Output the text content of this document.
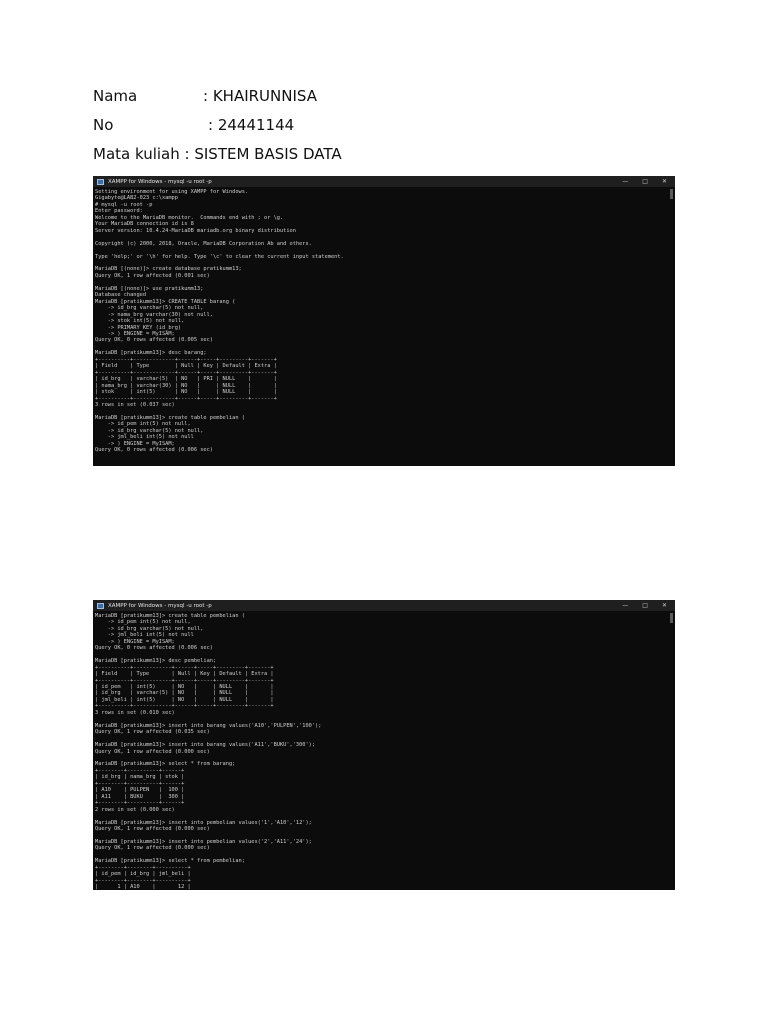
Nama	: KHAIRUNNISA
No	: 24441144
Mata kuliah : SISTEM BASIS DATA
XAMPP for Windows - mysql -u root -p	— □ ✕
Setting environment for using XAMPP for Windows.
Gigabyte@LAB2-023 c:\xampp
# mysql -u root -p
Enter password:
Welcome to the MariaDB monitor.  Commands end with ; or \g.
Your MariaDB connection id is 8
Server version: 10.4.24-MariaDB mariadb.org binary distribution

Copyright (c) 2000, 2018, Oracle, MariaDB Corporation Ab and others.

Type 'help;' or '\h' for help. Type '\c' to clear the current input statement.

MariaDB [(none)]> create database pratikumm13;
Query OK, 1 row affected (0.001 sec)

MariaDB [(none)]> use pratikumm13;
Database changed
MariaDB [pratikumm13]> CREATE TABLE barang (
-> id_brg varchar(5) not null,
-> nama_brg varchar(30) not null,
-> stok int(5) not null,
-> PRIMARY KEY (id_brg)
-> ) ENGINE = MyISAM;
Query OK, 0 rows affected (0.005 sec)

MariaDB [pratikumm13]> desc barang;
+----------+-------------+------+-----+---------+-------+
| Field    | Type        | Null | Key | Default | Extra |
+----------+-------------+------+-----+---------+-------+
| id_brg   | varchar(5)  | NO   | PRI | NULL    |       |
| nama_brg | varchar(30) | NO   |     | NULL    |       |
| stok     | int(5)      | NO   |     | NULL    |       |
+----------+-------------+------+-----+---------+-------+
3 rows in set (0.037 sec)

MariaDB [pratikumm13]> create table pembelian (
-> id_pem int(5) not null,
-> id_brg varchar(5) not null,
-> jml_beli int(5) not null
-> ) ENGINE = MyISAM;
Query OK, 0 rows affected (0.006 sec)
XAMPP for Windows - mysql -u root -p	— □ ✕
MariaDB [pratikumm13]> create table pembelian (
-> id_pem int(5) not null,
-> id_brg varchar(5) not null,
-> jml_beli int(5) not null
-> ) ENGINE = MyISAM;
Query OK, 0 rows affected (0.006 sec)

MariaDB [pratikumm13]> desc pembelian;
+----------+------------+------+-----+---------+-------+
| Field    | Type       | Null | Key | Default | Extra |
+----------+------------+------+-----+---------+-------+
| id_pem   | int(5)     | NO   |     | NULL    |       |
| id_brg   | varchar(5) | NO   |     | NULL    |       |
| jml_beli | int(5)     | NO   |     | NULL    |       |
+----------+------------+------+-----+---------+-------+
3 rows in set (0.010 sec)

MariaDB [pratikumm13]> insert into barang values('A10','PULPEN','100');
Query OK, 1 row affected (0.035 sec)

MariaDB [pratikumm13]> insert into barang values('A11','BUKU','300');
Query OK, 1 row affected (0.000 sec)

MariaDB [pratikumm13]> select * from barang;
+--------+----------+------+
| id_brg | nama_brg | stok |
+--------+----------+------+
| A10    | PULPEN   |  100 |
| A11    | BUKU     |  300 |
+--------+----------+------+
2 rows in set (0.000 sec)

MariaDB [pratikumm13]> insert into pembelian values('1','A10','12');
Query OK, 1 row affected (0.000 sec)

MariaDB [pratikumm13]> insert into pembelian values('2','A11','24');
Query OK, 1 row affected (0.000 sec)

MariaDB [pratikumm13]> select * from pembelian;
+--------+--------+----------+
| id_pem | id_brg | jml_beli |
+--------+--------+----------+
|      1 | A10    |       12 |
